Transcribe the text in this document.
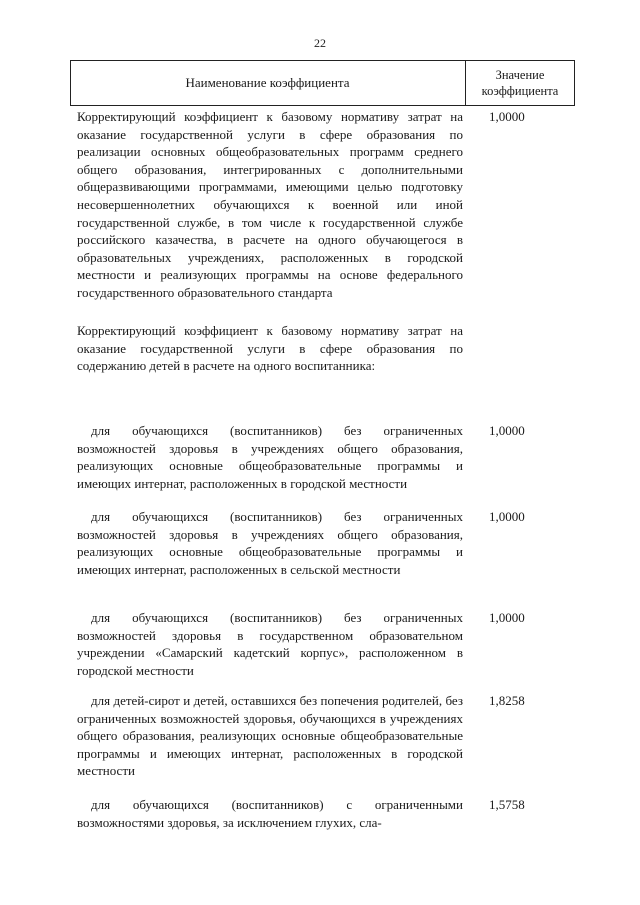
22
Наименование коэффициента	Значение
коэффициента
Корректирующий коэффициент к базовому нормативу затрат на оказание государственной услуги в сфере образования по реализации основных общеобразовательных программ среднего общего образования, интегрированных с дополнительными общеразвивающими программами, имеющими целью подготовку несовершеннолетних обучающихся к военной или иной государственной службе, в том числе к государственной службе российского казачества, в расчете на одного обучающегося в образовательных учреждениях, расположенных в городской местности и реализующих программы на основе федерального государственного образовательного стандарта
1,0000
Корректирующий коэффициент к базовому нормативу затрат на оказание государственной услуги в сфере образования по содержанию детей в расчете на одного воспитанника:
для обучающихся (воспитанников) без ограниченных возможностей здоровья в учреждениях общего образования, реализующих основные общеобразовательные программы и имеющих интернат, расположенных в городской местности
1,0000
для обучающихся (воспитанников) без ограниченных возможностей здоровья в учреждениях общего образования, реализующих основные общеобразовательные программы и имеющих интернат, расположенных в сельской местности
1,0000
для обучающихся (воспитанников) без ограниченных возможностей здоровья в государственном образовательном учреждении «Самарский кадетский корпус», расположенном в городской местности
1,0000
для детей-сирот и детей, оставшихся без попечения родителей, без ограниченных возможностей здоровья, обучающихся в учреждениях общего образования, реализующих основные общеобразовательные программы и имеющих интернат, расположенных в городской местности
1,8258
для обучающихся (воспитанников) с ограниченными возможностями здоровья, за исключением глухих, сла-
1,5758
